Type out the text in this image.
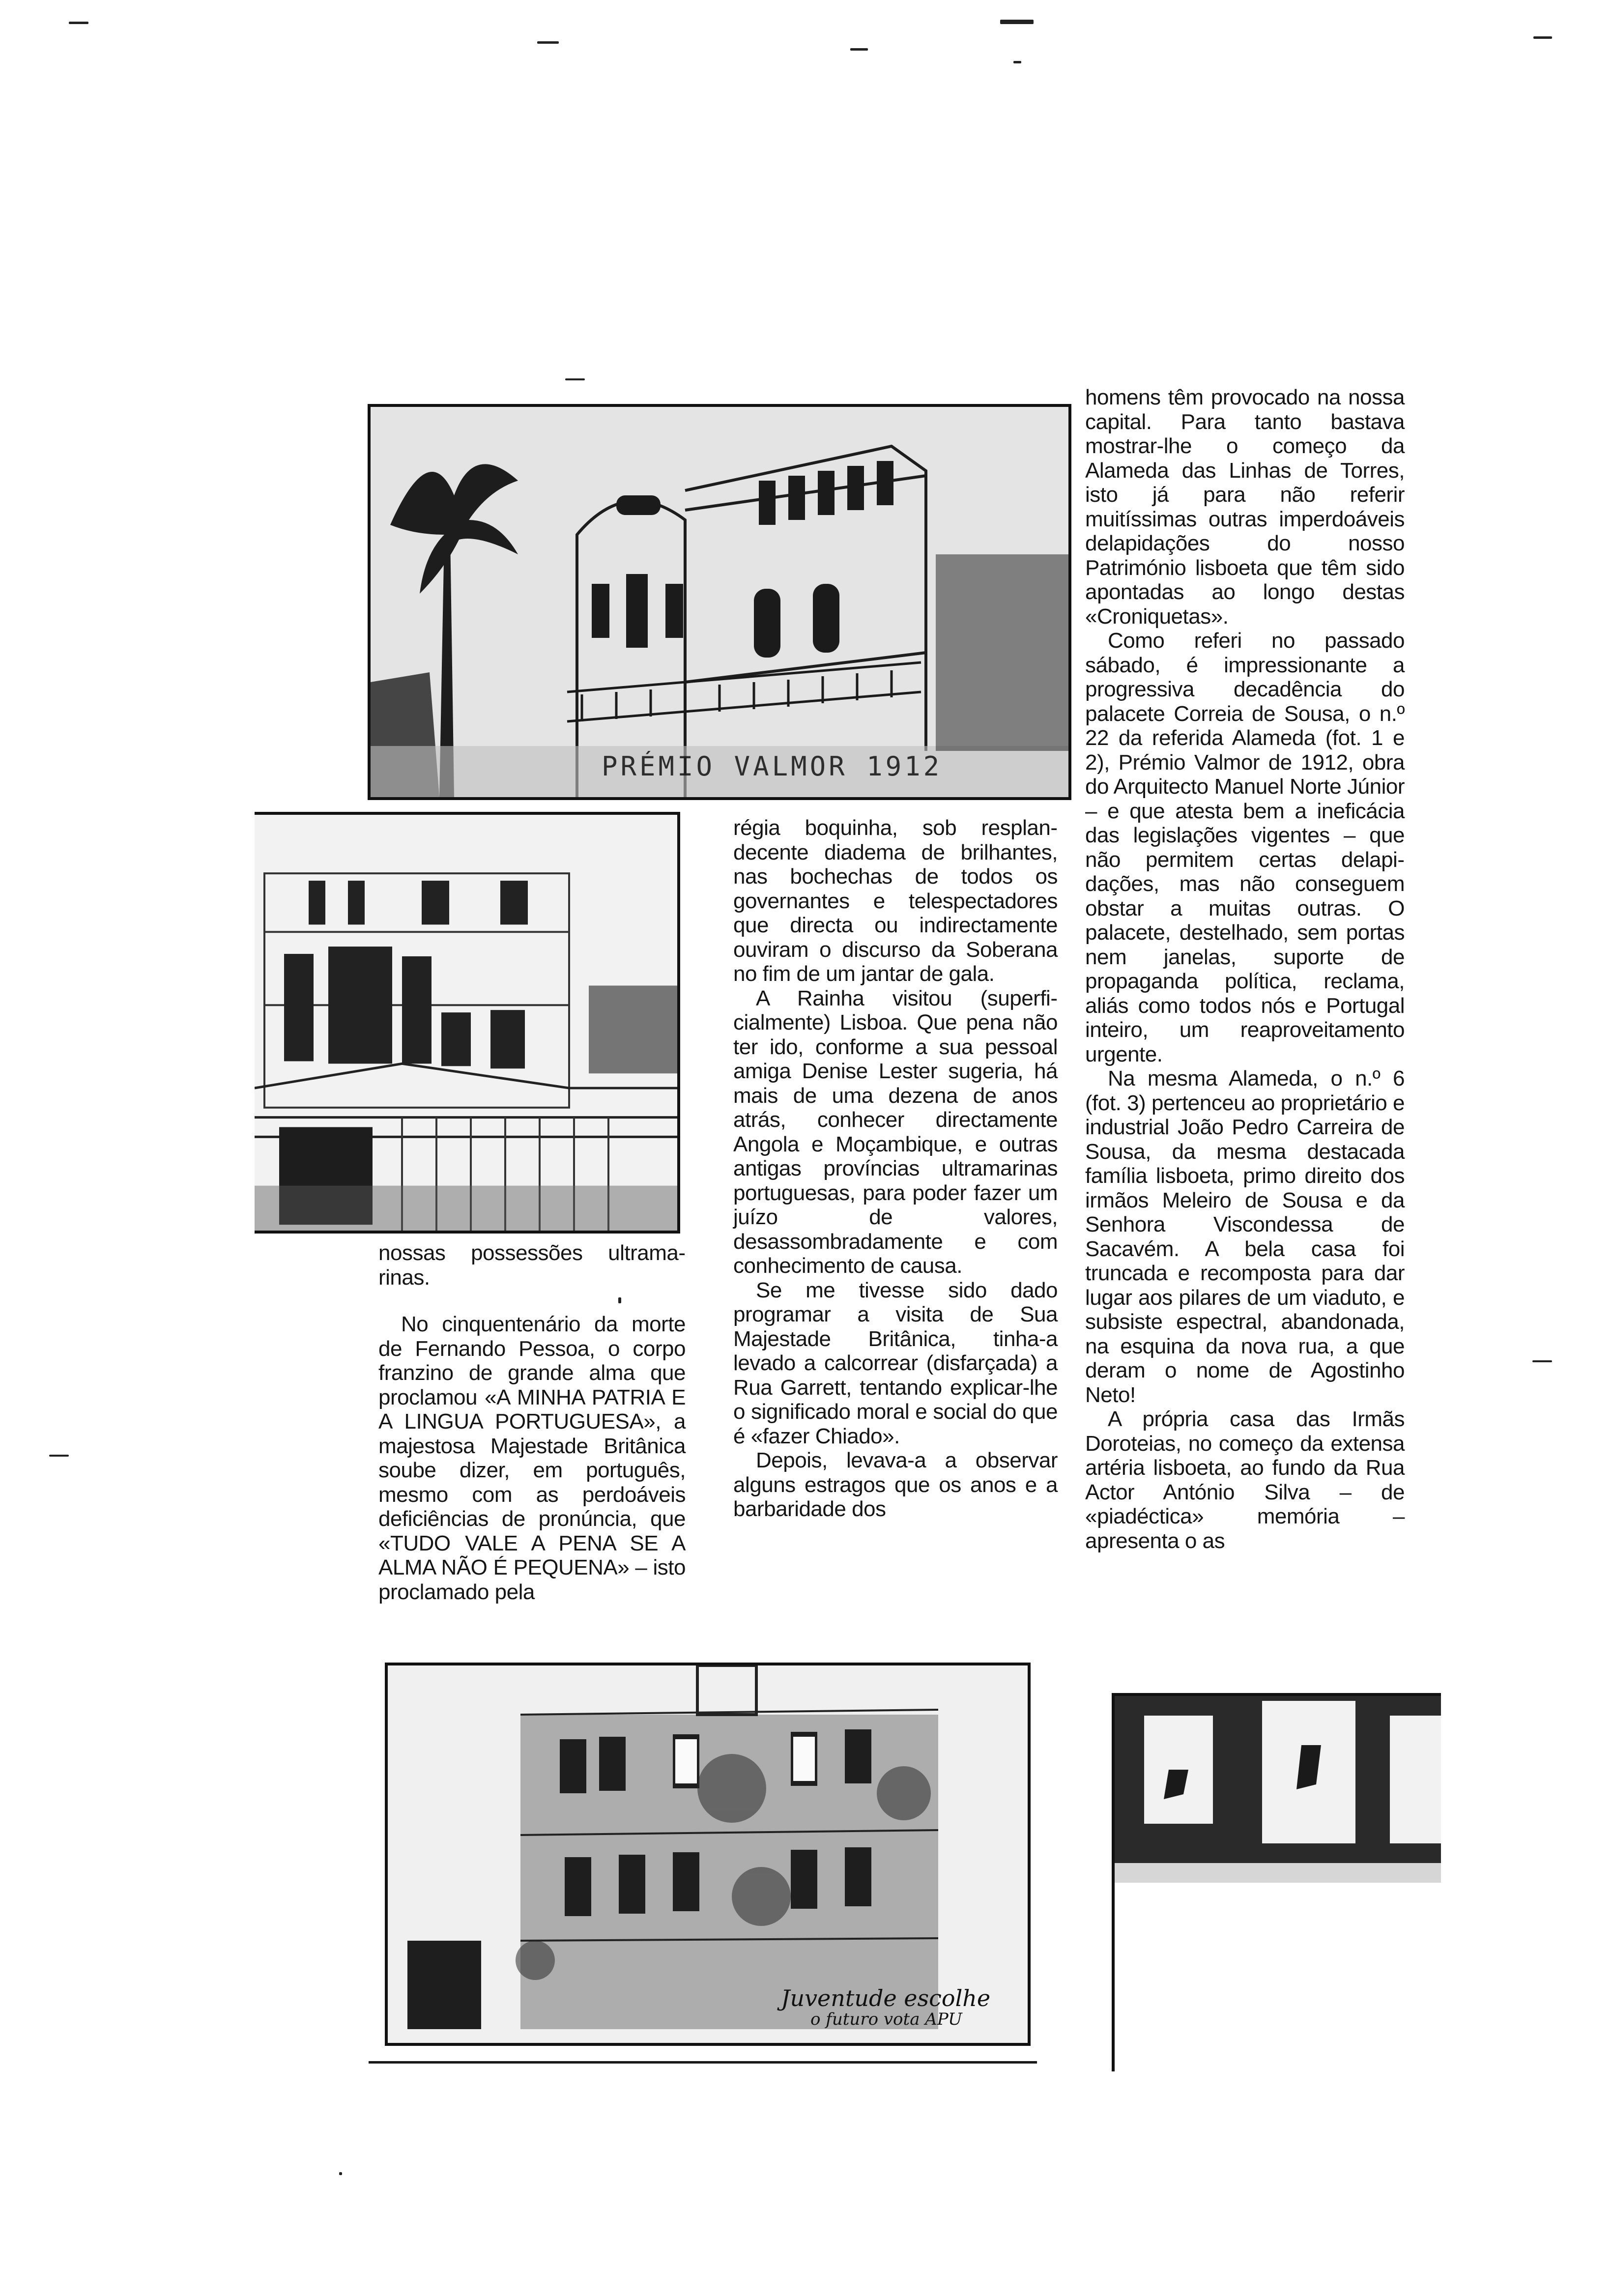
PRÉMIO VALMOR 1912
Juventude escolhe
o futuro vota APU

nossas possessões ultramarinas.

No cinquentenário da morte de Fernando Pessoa, o corpo franzino de grande alma que proclamou «A MINHA PATRIA E A LINGUA PORTUGUESA», a majestosa Majestade Britânica soube dizer, em português, mesmo com as perdoáveis deficiências de pronúncia, que «TUDO VALE A PENA SE A ALMA NÃO É PEQUENA» – isto proclamado pela

régia boquinha, sob resplandecente diadema de brilhantes, nas bochechas de todos os governantes e telespectadores que directa ou indirectamente ouviram o discurso da Soberana no fim de um jantar de gala.

A Rainha visitou (superficialmente) Lisboa. Que pena não ter ido, conforme a sua pessoal amiga Denise Lester sugeria, há mais de uma dezena de anos atrás, conhecer directamente Angola e Moçambique, e outras antigas províncias ultramarinas portuguesas, para poder fazer um juízo de valores, desassombradamente e com conhecimento de causa.

Se me tivesse sido dado programar a visita de Sua Majestade Britânica, tinha-a levado a calcorrear (disfarçada) a Rua Garrett, tentando explicar-lhe o significado moral e social do que é «fazer Chiado».

Depois, levava-a a observar alguns estragos que os anos e a barbaridade dos

homens têm provocado na nossa capital. Para tanto bastava mostrar-lhe o começo da Alameda das Linhas de Torres, isto já para não referir muitíssimas outras imperdoáveis delapidações do nosso Património lisboeta que têm sido apontadas ao longo destas «Croniquetas».

Como referi no passado sábado, é impressionante a progressiva decadência do palacete Correia de Sousa, o n.º 22 da referida Alameda (fot. 1 e 2), Prémio Valmor de 1912, obra do Arquitecto Manuel Norte Júnior – e que atesta bem a ineficácia das legislações vigentes – que não permitem certas delapidações, mas não conseguem obstar a muitas outras. O palacete, destelhado, sem portas nem janelas, suporte de propaganda política, reclama, aliás como todos nós e Portugal inteiro, um reaproveitamento urgente.

Na mesma Alameda, o n.º 6 (fot. 3) pertenceu ao proprietário e industrial João Pedro Carreira de Sousa, da mesma destacada família lisboeta, primo direito dos irmãos Meleiro de Sousa e da Senhora Viscondessa de Sacavém. A bela casa foi truncada e recomposta para dar lugar aos pilares de um viaduto, e subsiste espectral, abandonada, na esquina da nova rua, a que deram o nome de Agostinho Neto!

A própria casa das Irmãs Doroteias, no começo da extensa artéria lisboeta, ao fundo da Rua Actor António Silva – de «piadéctica» memória – apresenta o as
